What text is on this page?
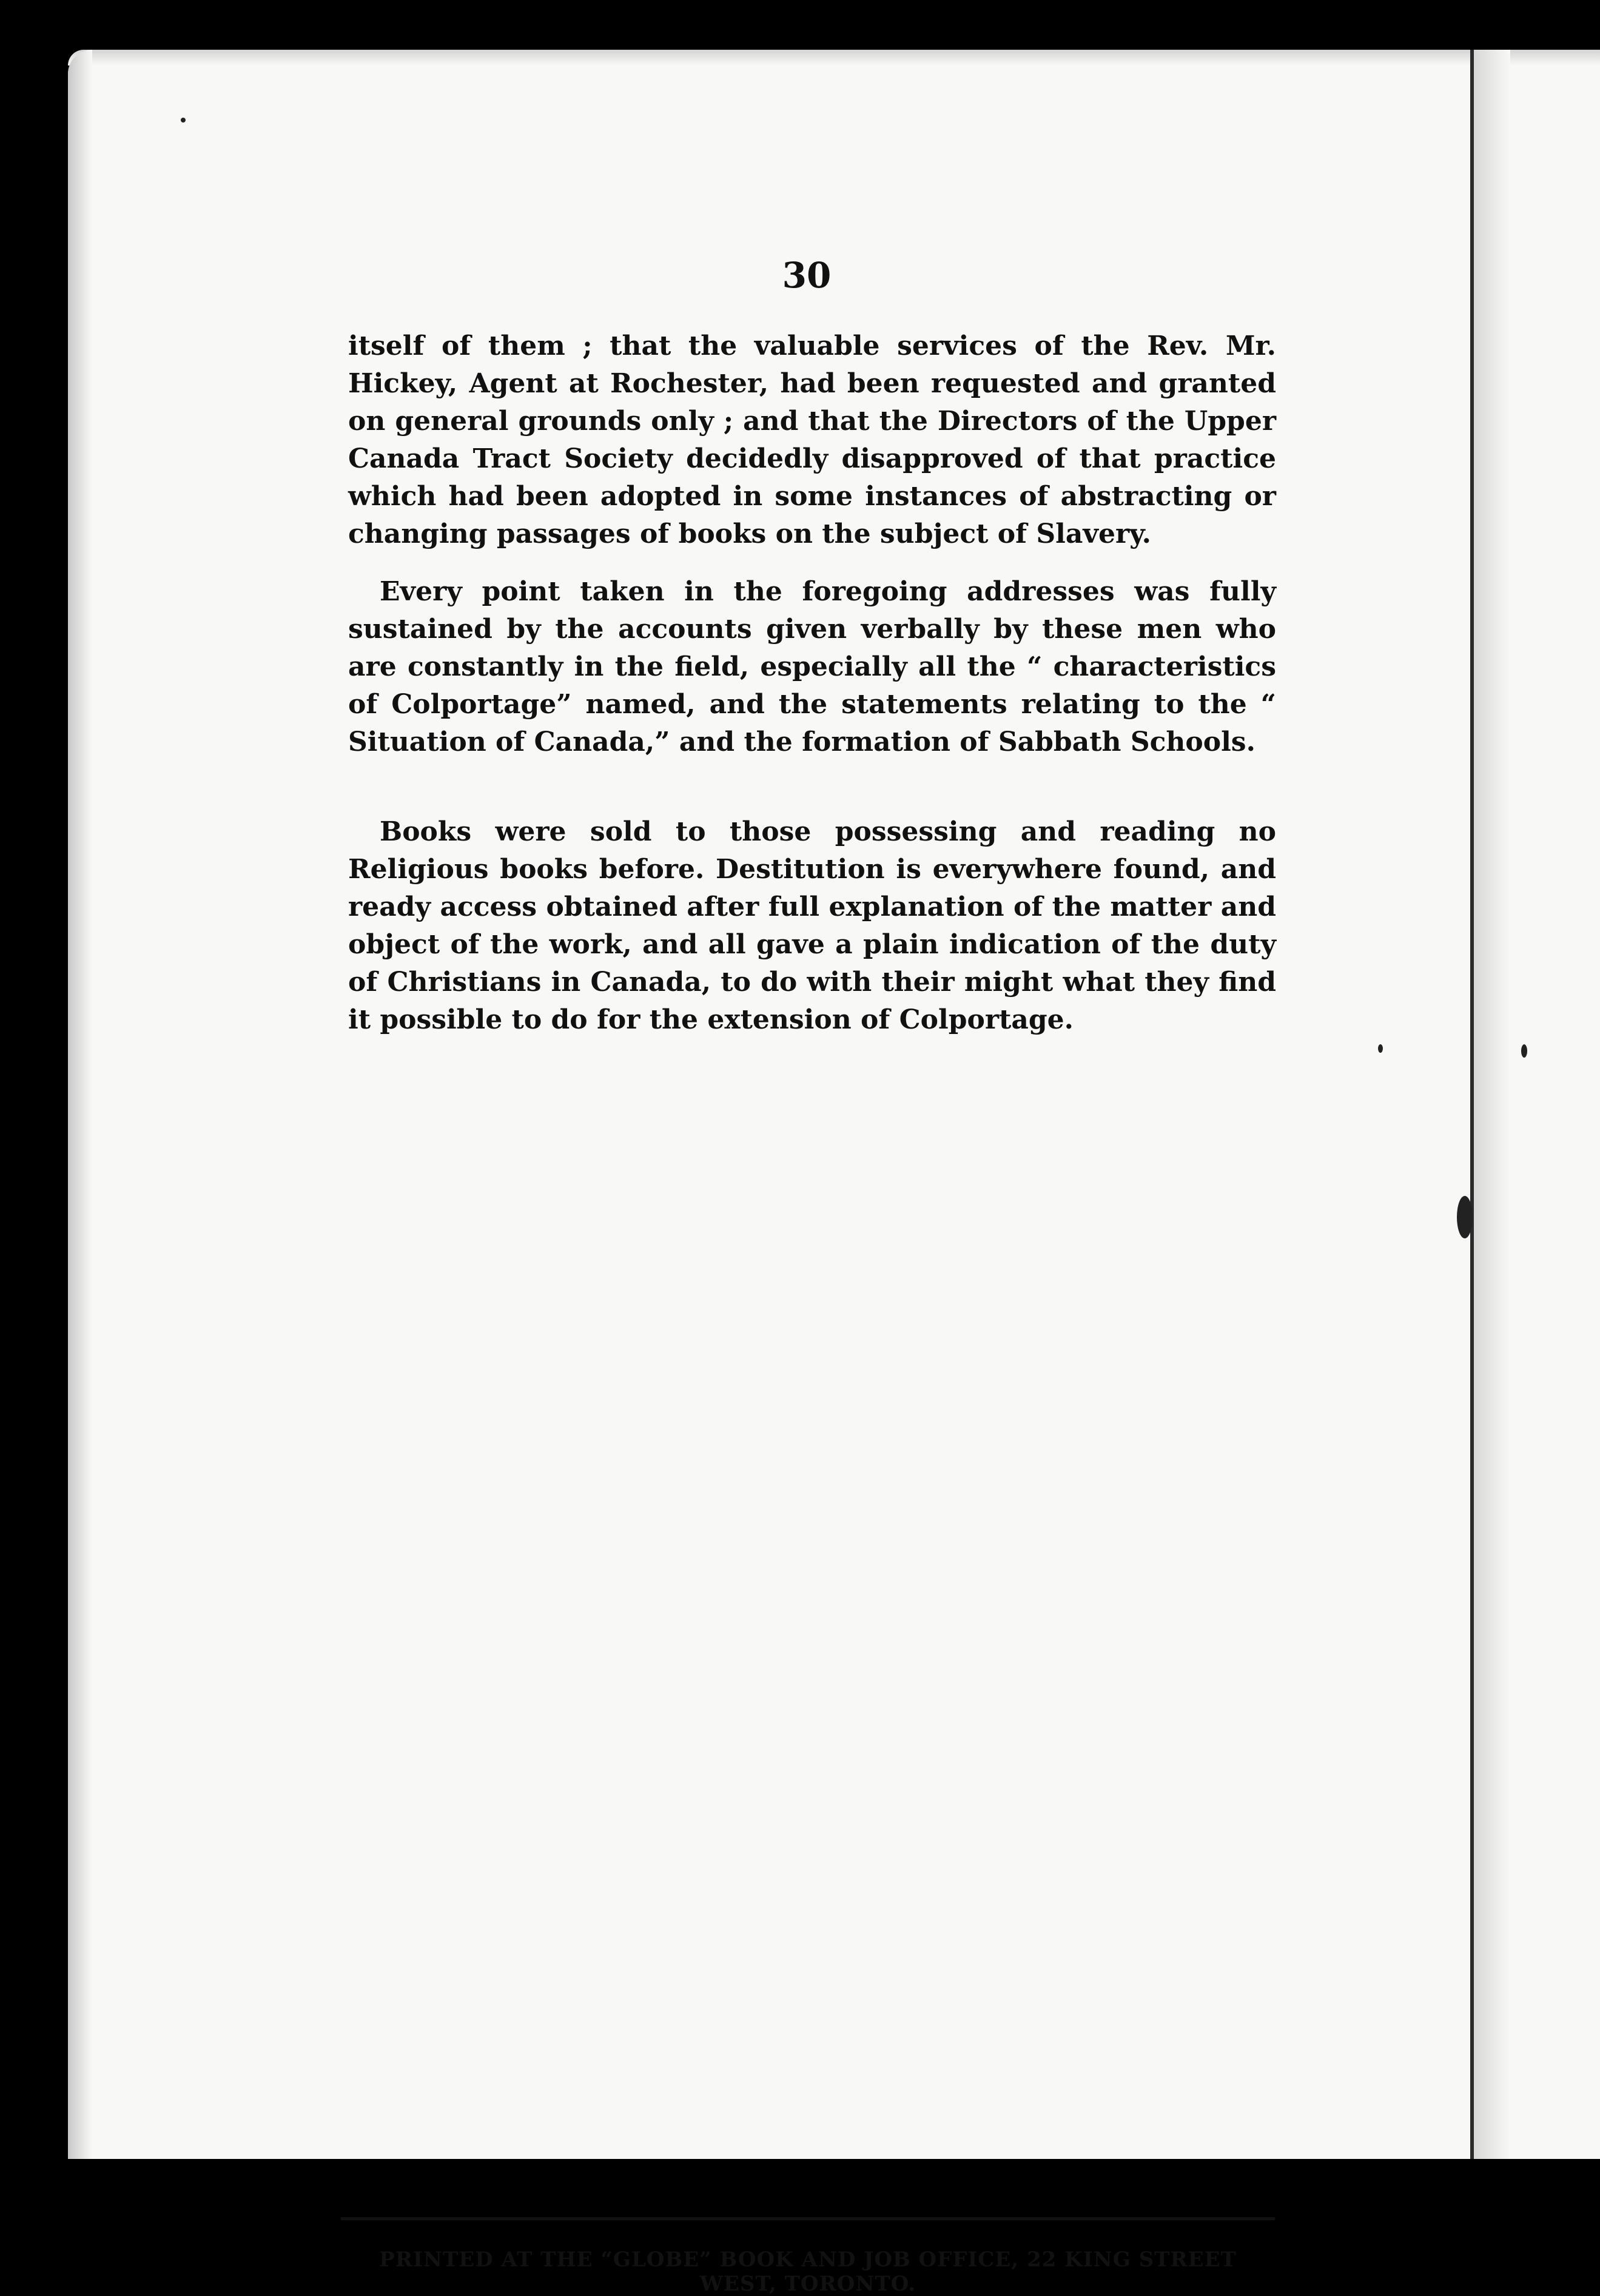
30

itself of them ; that the valuable services of the Rev. Mr. Hickey, Agent at Rochester, had been requested and granted on general grounds only ; and that the Directors of the Upper Canada Tract Society decidedly disapproved of that practice which had been adopted in some instances of abstracting or changing passages of books on the subject of Slavery.

Every point taken in the foregoing addresses was fully sustained by the accounts given verbally by these men who are constantly in the field, especially all the “ characteristics of Colportage” named, and the statements relating to the “ Situation of Canada,” and the formation of Sabbath Schools.

Books were sold to those possessing and reading no Religious books before. Destitution is everywhere found, and ready access obtained after full explanation of the matter and object of the work, and all gave a plain indication of the duty of Christians in Canada, to do with their might what they find it possible to do for the extension of Colportage.

PRINTED AT THE “GLOBE” BOOK AND JOB OFFICE, 22 KING STREET WEST, TORONTO.
